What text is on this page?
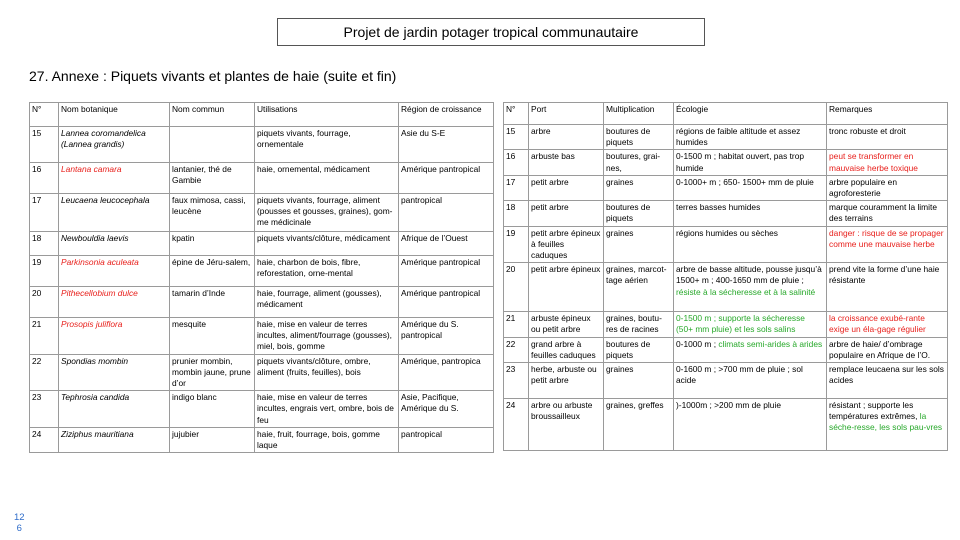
Projet de jardin potager tropical communautaire
27. Annexe : Piquets vivants et plantes de haie (suite et fin)
N°	Nom botanique	Nom commun	Utilisations	Région de croissance
15	Lannea coromandelica (Lannea grandis)		piquets vivants, fourrage, ornementale	Asie du S-E
16	Lantana camara	lantanier, thé de Gambie	haie, ornemental, médicament	Amérique pantropical
17	Leucaena leucocephala	faux mimosa, cassi, leucène	piquets vivants, fourrage, aliment (pousses et gousses, graines), gom-me médicinale	pantropical
18	Newbouldia laevis	kpatin	piquets vivants/clôture, médicament	Afrique de l’Ouest
19	Parkinsonia aculeata	épine de Jéru-salem,	haie, charbon de bois, fibre, reforestation, orne-mental	Amérique pantropical
20	Pithecellobium dulce	tamarin d’Inde	haie, fourrage, aliment (gousses), médicament	Amérique pantropical
21	Prosopis juliflora	mesquite	haie, mise en valeur de terres incultes, aliment/fourrage (gousses), miel, bois, gomme	Amérique du S. pantropical
22	Spondias mombin	prunier mombin, mombin jaune, prune d’or	piquets vivants/clôture, ombre, aliment (fruits, feuilles), bois	Amérique, pantropica
23	Tephrosia candida	indigo blanc	haie, mise en valeur de terres incultes, engrais vert, ombre, bois de feu	Asie, Pacifique, Amérique du S.
24	Ziziphus mauritiana	jujubier	haie, fruit, fourrage, bois, gomme laque	pantropical
N°	Port	Multiplication	Écologie	Remarques
15	arbre	boutures de piquets	régions de faible altitude et assez humides	tronc robuste et droit
16	arbuste bas	boutures, grai-nes,	0-1500 m ; habitat ouvert, pas trop humide	peut se transformer en mauvaise herbe toxique
17	petit arbre	graines	0-1000+ m ; 650- 1500+ mm de pluie	arbre populaire en agroforesterie
18	petit arbre	boutures de piquets	terres basses humides	marque couramment la limite des terrains
19	petit arbre épineux à feuilles caduques	graines	régions humides ou sèches	danger : risque de se propager comme une mauvaise herbe
20	petit arbre épineux	graines, marcot-tage aérien	arbre de basse altitude, pousse jusqu’à 1500+ m ; 400-1650 mm de pluie ; résiste à la sécheresse et à la salinité	prend vite la forme d’une haie résistante
21	arbuste épineux ou petit arbre	graines, boutu-res de racines	0-1500 m ; supporte la sécheresse (50+ mm pluie) et les sols salins	la croissance exubé-rante exige un éla-gage régulier
22	grand arbre à feuilles caduques	boutures de piquets	0-1000 m ; climats semi-arides à arides	arbre de haie/ d’ombrage populaire en Afrique de l’O.
23	herbe, arbuste ou petit arbre	graines	0-1600 m ; >700 mm de pluie ; sol acide	remplace leucaena sur les sols acides
24	arbre ou arbuste broussailleux	graines, greffes	)-1000m ; >200 mm de pluie	résistant ; supporte les températures extrêmes, la séche-resse, les sols pau-vres
12
6
